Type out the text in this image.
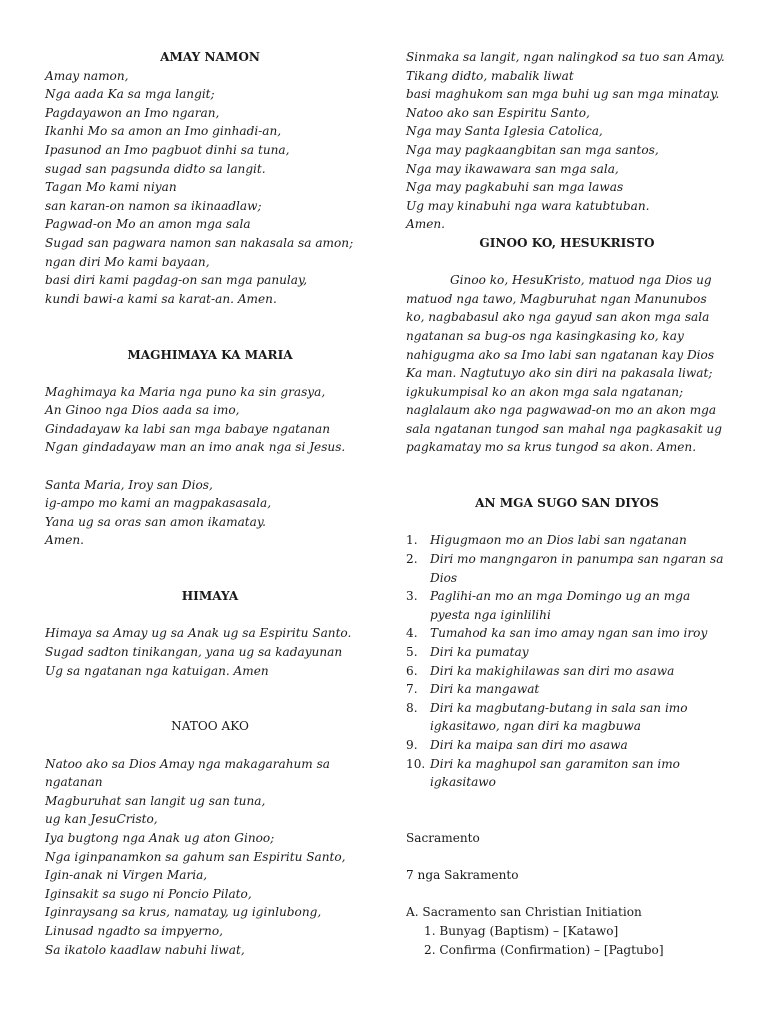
AMAY NAMON

Amay namon,
Nga aada Ka sa mga langit;
Pagdayawon an Imo ngaran,
Ikanhi Mo sa amon an Imo ginhadi-an,
Ipasunod an Imo pagbuot dinhi sa tuna,
sugad san pagsunda didto sa langit.
Tagan Mo kami niyan
san karan-on namon sa ikinaadlaw;
Pagwad-on Mo an amon mga sala
Sugad san pagwara namon san nakasala sa amon;
ngan diri Mo kami bayaan,
basi diri kami pagdag-on san mga panulay,
kundi bawi-a kami sa karat-an. Amen.

MAGHIMAYA KA MARIA

Maghimaya ka Maria nga puno ka sin grasya,
An Ginoo nga Dios aada sa imo,
Gindadayaw ka labi san mga babaye ngatanan
Ngan gindadayaw man an imo anak nga si Jesus.
Santa Maria, Iroy san Dios,
ig-ampo mo kami an magpakasasala,
Yana ug sa oras san amon ikamatay.
Amen.

HIMAYA

Himaya sa Amay ug sa Anak ug sa Espiritu Santo.
Sugad sadton tinikangan, yana ug sa kadayunan
Ug sa ngatanan nga katuigan. Amen

NATOO AKO

Natoo ako sa Dios Amay nga makagarahum sa
ngatanan
Magburuhat san langit ug san tuna,
ug kan JesuCristo,
Iya bugtong nga Anak ug aton Ginoo;
Nga iginpanamkon sa gahum san Espiritu Santo,
Igin-anak ni Virgen Maria,
Iginsakit sa sugo ni Poncio Pilato,
Iginraysang sa krus, namatay, ug iginlubong,
Linusad ngadto sa impyerno,
Sa ikatolo kaadlaw nabuhi liwat,
Sinmaka sa langit, ngan nalingkod sa tuo san Amay.
Tikang didto, mabalik liwat
basi maghukom san mga buhi ug san mga minatay.
Natoo ako san Espiritu Santo,
Nga may Santa Iglesia Catolica,
Nga may pagkaangbitan san mga santos,
Nga may ikawawara san mga sala,
Nga may pagkabuhi san mga lawas
Ug may kinabuhi nga wara katubtuban.
Amen.

GINOO KO, HESUKRISTO

Ginoo ko, HesuKristo, matuod nga Dios ug matuod nga tawo, Magburuhat ngan Manunubos ko, nagbabasul ako nga gayud san akon mga sala ngatanan sa bug-os nga kasingkasing ko, kay nahigugma ako sa Imo labi san ngatanan kay Dios Ka man. Nagtutuyo ako sin diri na pakasala liwat; igkukumpisal ko an akon mga sala ngatanan; naglalaum ako nga pagwawad-on mo an akon mga sala ngatanan tungod san mahal nga pagkasakit ug pagkamatay mo sa krus tungod sa akon. Amen.

AN MGA SUGO SAN DIYOS

1. Higugmaon mo an Dios labi san ngatanan
2. Diri mo mangngaron in panumpa san ngaran sa Dios
3. Paglihi-an mo an mga Domingo ug an mga pyesta nga iginlilihi
4. Tumahod ka san imo amay ngan san imo iroy
5. Diri ka pumatay
6. Diri ka makighilawas san diri mo asawa
7. Diri ka mangawat
8. Diri ka magbutang-butang in sala san imo igkasitawo, ngan diri ka magbuwa
9. Diri ka maipa san diri mo asawa
10. Diri ka maghupol san garamiton san imo igkasitawo
Sacramento
7 nga Sakramento
A. Sacramento san Christian Initiation
1. Bunyag (Baptism) – [Katawo]
2. Confirma (Confirmation) – [Pagtubo]
